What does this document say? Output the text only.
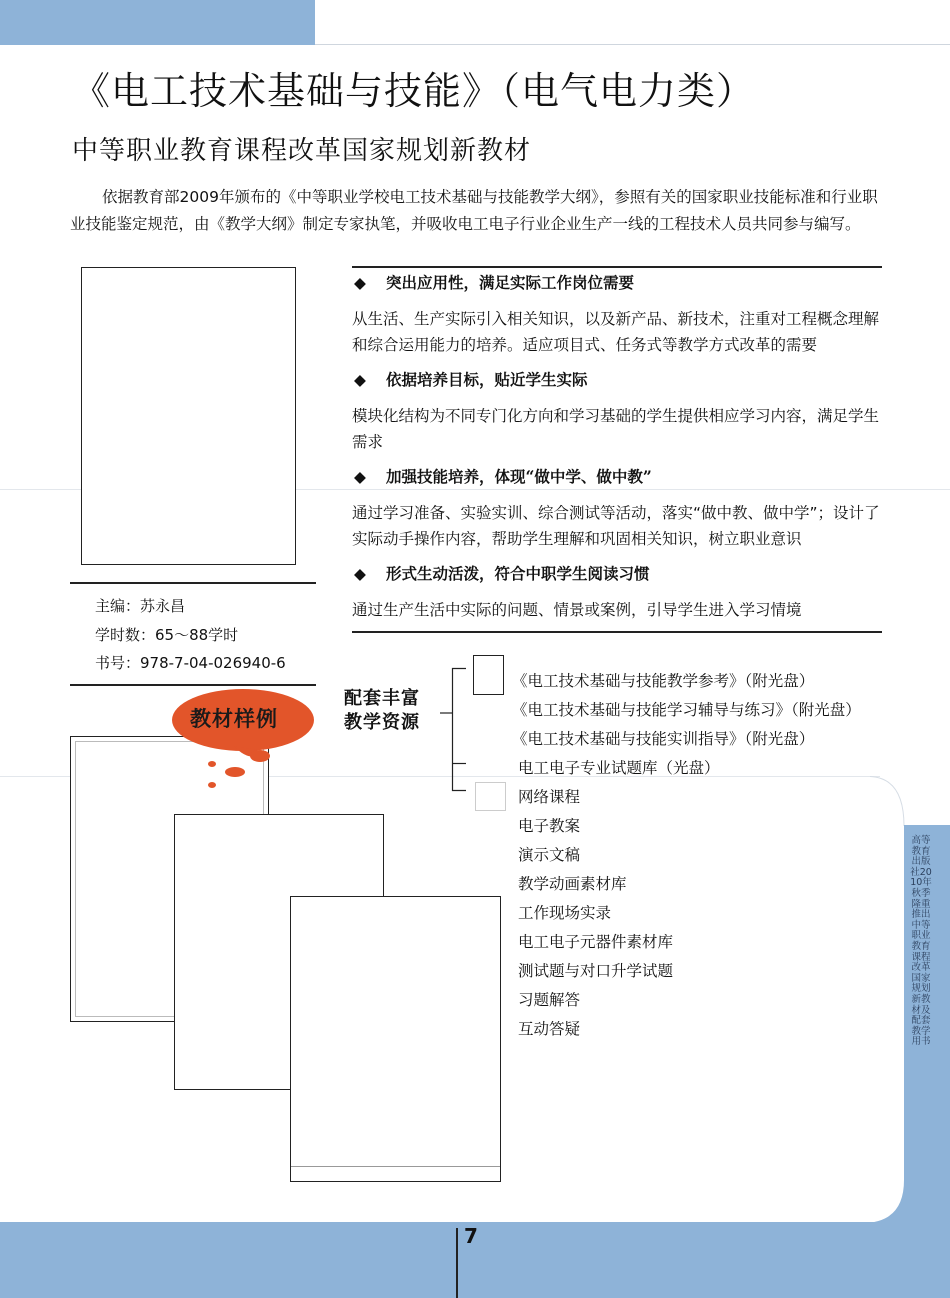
高等教育出版社2010年秋季隆重推出中等职业教育课程改革国家规划新教材及配套教学用书
《电工技术基础与技能》（电气电力类）
中等职业教育课程改革国家规划新教材
依据教育部2009年颁布的《中等职业学校电工技术基础与技能教学大纲》，参照有关的国家职业技能标准和行业职业技能鉴定规范，由《教学大纲》制定专家执笔，并吸收电工电子行业企业生产一线的工程技术人员共同参与编写。
主编：苏永昌
学时数：65～88学时
书号：978-7-04-026940-6
◆ 突出应用性，满足实际工作岗位需要
从生活、生产实际引入相关知识，以及新产品、新技术，注重对工程概念理解和综合运用能力的培养。适应项目式、任务式等教学方式改革的需要
◆ 依据培养目标，贴近学生实际
模块化结构为不同专门化方向和学习基础的学生提供相应学习内容，满足学生需求
◆ 加强技能培养，体现“做中学、做中教”
通过学习准备、实验实训、综合测试等活动，落实“做中教、做中学”；设计了实际动手操作内容，帮助学生理解和巩固相关知识，树立职业意识
◆ 形式生动活泼，符合中职学生阅读习惯
通过生产生活中实际的问题、情景或案例，引导学生进入学习情境
教材样例
配套丰富
教学资源
《电工技术基础与技能教学参考》（附光盘）
《电工技术基础与技能学习辅导与练习》（附光盘）
《电工技术基础与技能实训指导》（附光盘）
电工电子专业试题库（光盘）
网络课程
电子教案
演示文稿
教学动画素材库
工作现场实录
电工电子元器件素材库
测试题与对口升学试题
习题解答
互动答疑
7
